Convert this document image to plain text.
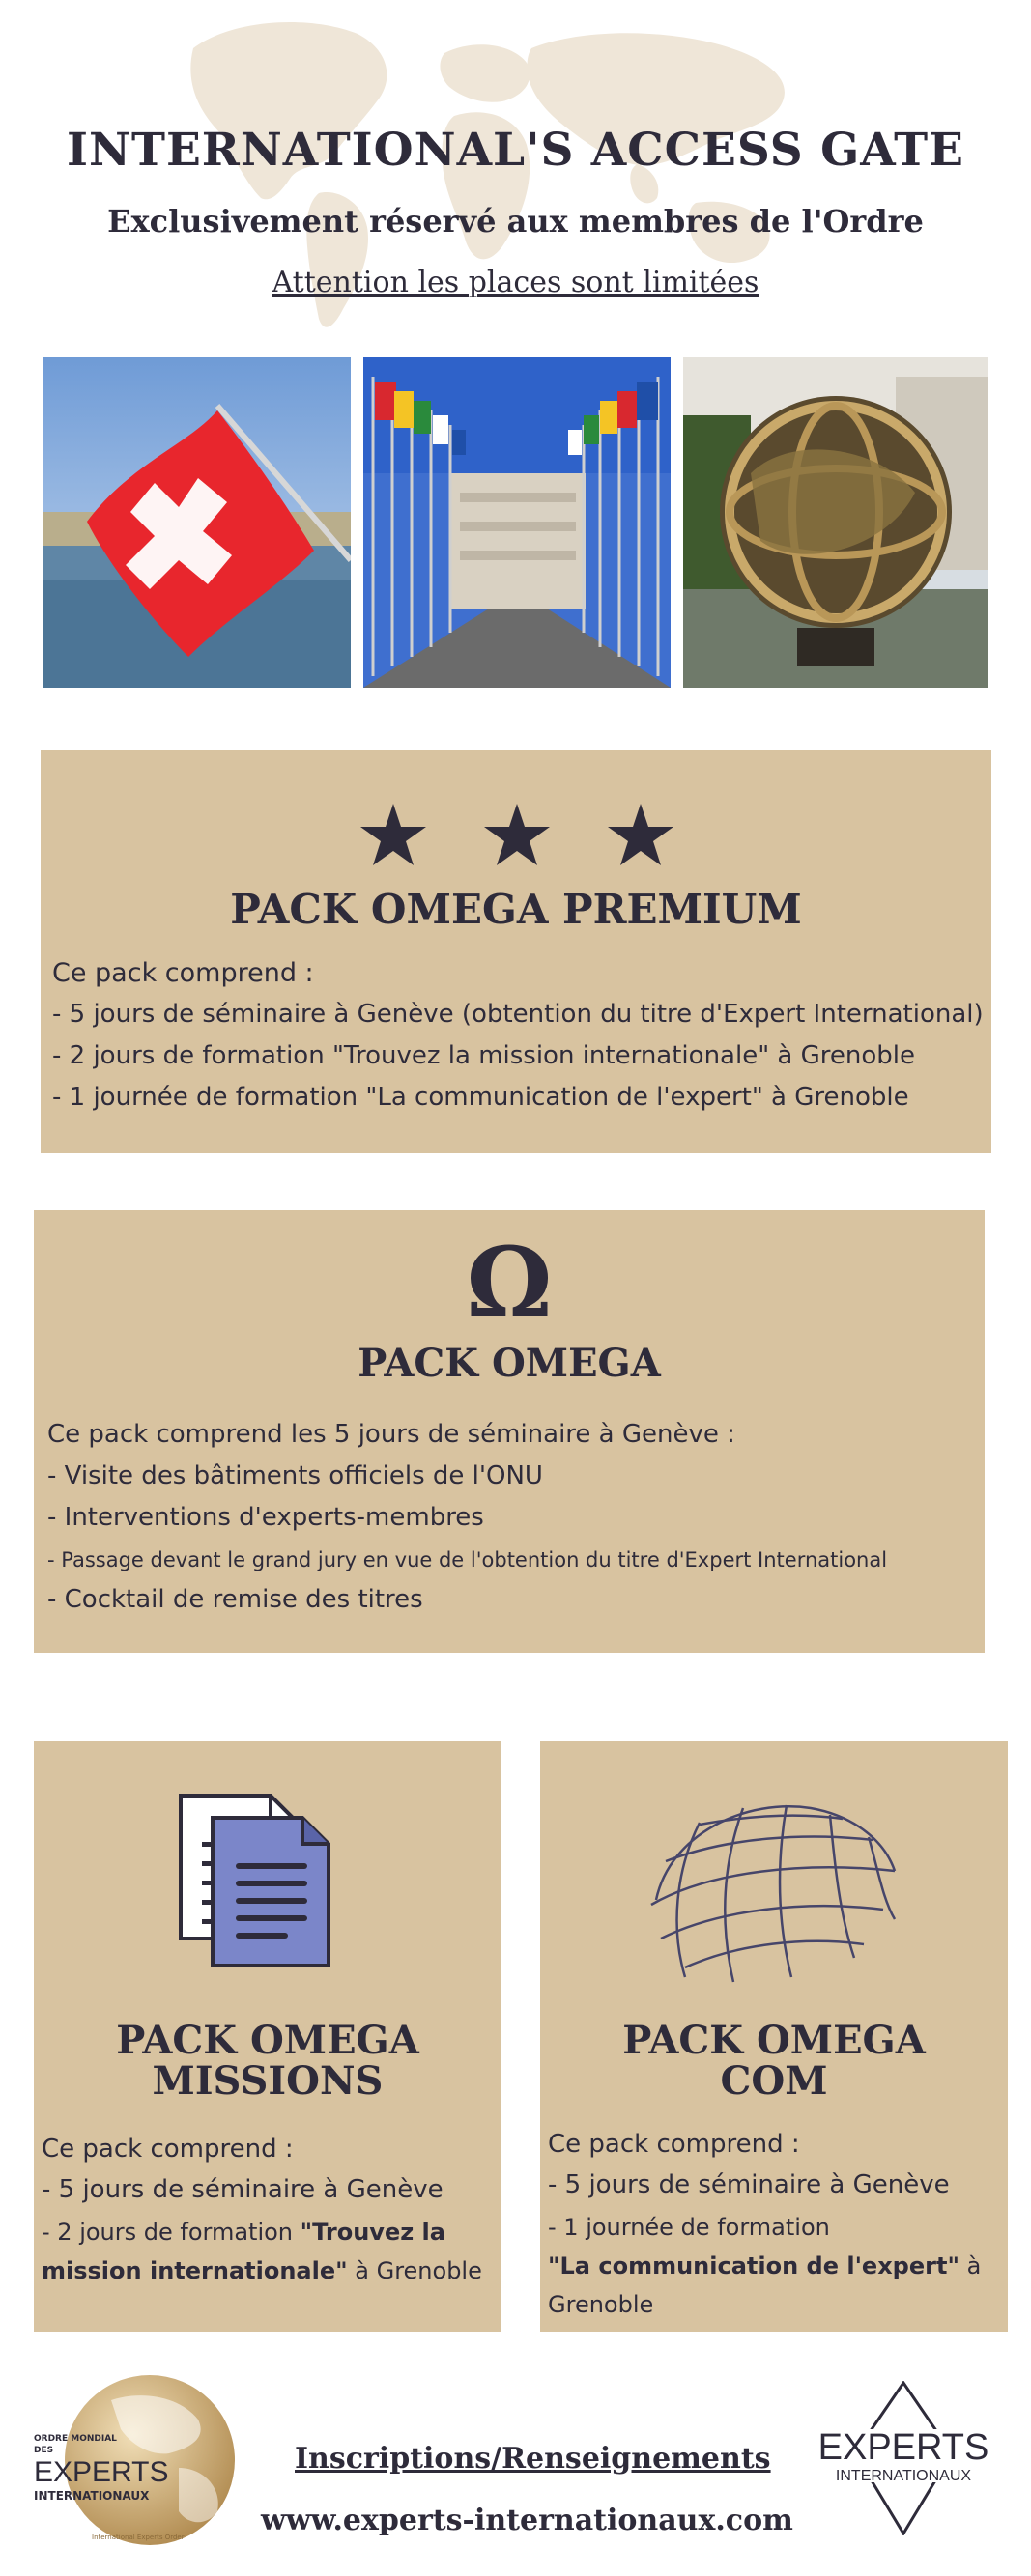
INTERNATIONAL'S ACCESS GATE
Exclusivement réservé aux membres de l'Ordre
Attention les places sont limitées
PACK OMEGA PREMIUM
Ce pack comprend :
- 5 jours de séminaire à Genève (obtention du titre d'Expert International)
- 2 jours de formation "Trouvez la mission internationale" à Grenoble
- 1 journée de formation "La communication de l'expert" à Grenoble
Ω
PACK OMEGA
Ce pack comprend les 5 jours de séminaire à Genève :
- Visite des bâtiments officiels de l'ONU
- Interventions d'experts-membres
- Passage devant le grand jury en vue de l'obtention du titre d'Expert International
- Cocktail de remise des titres
PACK OMEGA
MISSIONS
Ce pack comprend :
- 5 jours de séminaire à Genève
- 2 jours de formation "Trouvez la
mission internationale" à Grenoble
PACK OMEGA
COM
Ce pack comprend :
- 5 jours de séminaire à Genève
- 1 journée de formation
"La communication de l'expert" à
Grenoble
ORDRE MONDIAL
DES
EXPERTS
INTERNATIONAUX
International Experts Order
Inscriptions/Renseignements
www.experts-internationaux.com
EXPERTS
INTERNATIONAUX
